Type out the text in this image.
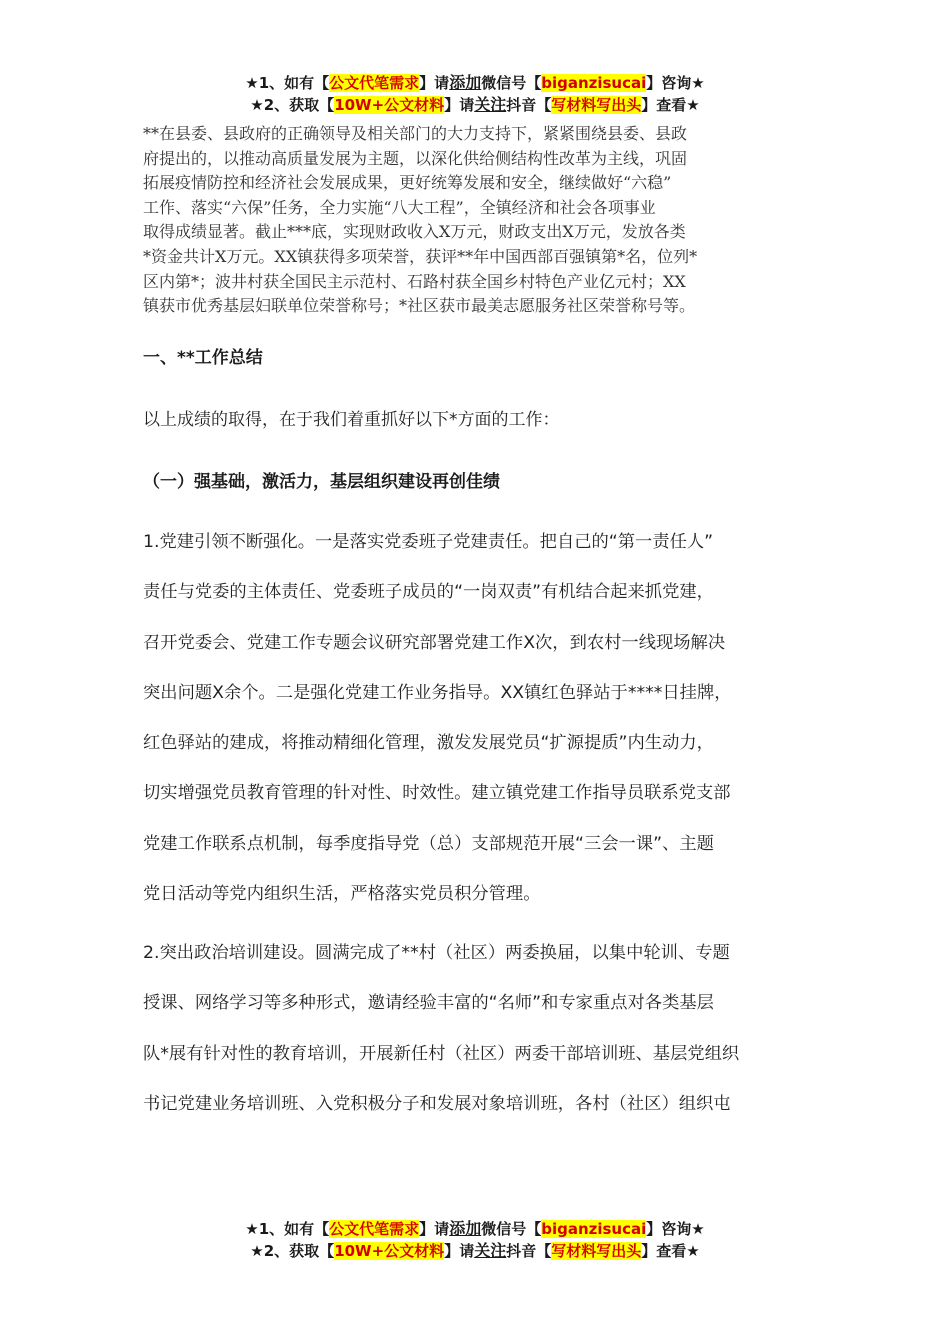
★1、如有【公文代笔需求】请添加微信号【biganzisucai】咨询★
★2、获取【10W+公文材料】请关注抖音【写材料写出头】查看★

**在县委、县政府的正确领导及相关部门的大力支持下，紧紧围绕县委、县政

府提出的，以推动高质量发展为主题，以深化供给侧结构性改革为主线，巩固

拓展疫情防控和经济社会发展成果，更好统筹发展和安全，继续做好“六稳”

工作、落实“六保”任务，全力实施“八大工程”，全镇经济和社会各项事业

取得成绩显著。截止***底，实现财政收入X万元，财政支出X万元，发放各类

*资金共计X万元。XX镇获得多项荣誉，获评**年中国西部百强镇第*名，位列*

区内第*；波井村获全国民主示范村、石路村获全国乡村特色产业亿元村；XX

镇获市优秀基层妇联单位荣誉称号；*社区获市最美志愿服务社区荣誉称号等。

一、**工作总结

以上成绩的取得，在于我们着重抓好以下*方面的工作：

（一）强基础，激活力，基层组织建设再创佳绩
1.党建引领不断强化。一是落实党委班子党建责任。把自己的“第一责任人”
责任与党委的主体责任、党委班子成员的“一岗双责”有机结合起来抓党建，
召开党委会、党建工作专题会议研究部署党建工作X次，到农村一线现场解决
突出问题X余个。二是强化党建工作业务指导。XX镇红色驿站于****日挂牌，
红色驿站的建成，将推动精细化管理，激发发展党员“扩源提质”内生动力，
切实增强党员教育管理的针对性、时效性。建立镇党建工作指导员联系党支部
党建工作联系点机制，每季度指导党（总）支部规范开展“三会一课”、主题
党日活动等党内组织生活，严格落实党员积分管理。
2.突出政治培训建设。圆满完成了**村（社区）两委换届，以集中轮训、专题
授课、网络学习等多种形式，邀请经验丰富的“名师”和专家重点对各类基层
队*展有针对性的教育培训，开展新任村（社区）两委干部培训班、基层党组织
书记党建业务培训班、入党积极分子和发展对象培训班，各村（社区）组织屯
★1、如有【公文代笔需求】请添加微信号【biganzisucai】咨询★
★2、获取【10W+公文材料】请关注抖音【写材料写出头】查看★
